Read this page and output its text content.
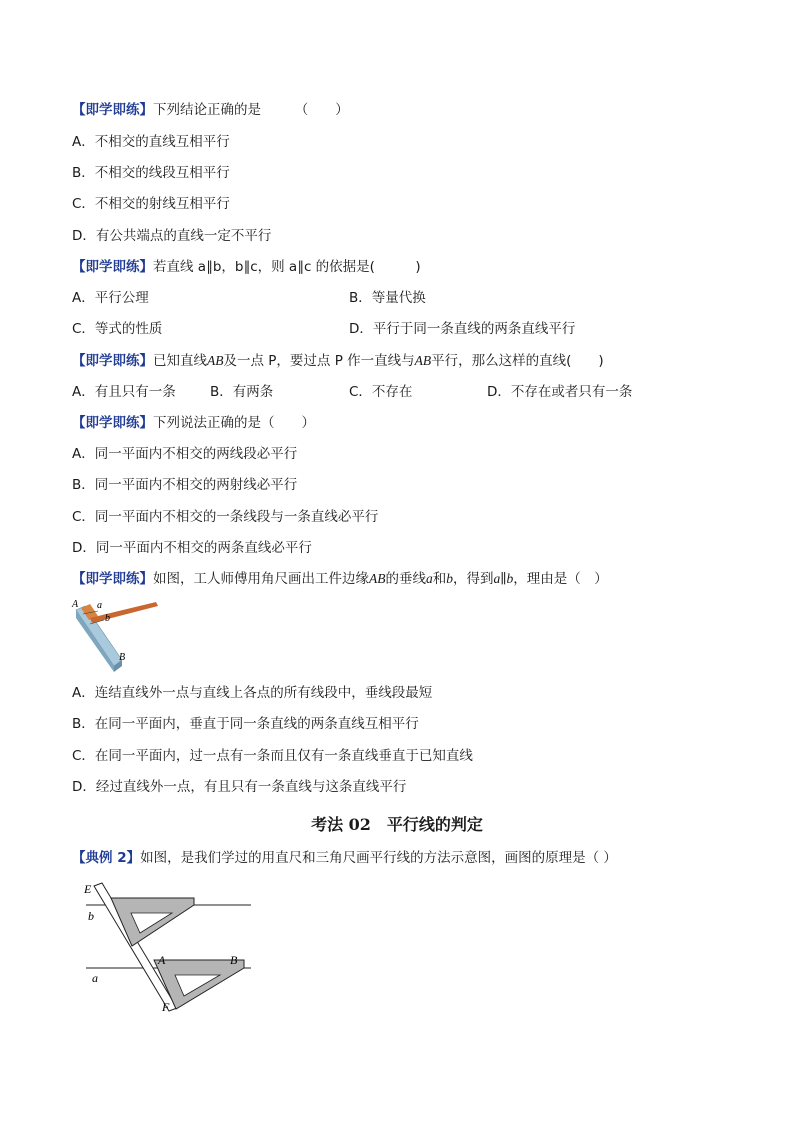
【即学即练】下列结论正确的是　　　（　　）
A．不相交的直线互相平行
B．不相交的线段互相平行
C．不相交的射线互相平行
D．有公共端点的直线一定不平行
【即学即练】若直线 a∥b，b∥c，则 a∥c 的依据是(　　　)
A．平行公理	B．等量代换
C．等式的性质	D．平行于同一条直线的两条直线平行
【即学即练】已知直线AB及一点 P，要过点 P 作一直线与AB平行，那么这样的直线(　　)
A．有且只有一条	B．有两条	C．不存在	D．不存在或者只有一条
【即学即练】下列说法正确的是（　　）
A．同一平面内不相交的两线段必平行
B．同一平面内不相交的两射线必平行
C．同一平面内不相交的一条线段与一条直线必平行
D．同一平面内不相交的两条直线必平行
【即学即练】如图，工人师傅用角尺画出工件边缘AB的垂线a和b，得到a∥b，理由是（　）
A a
b
B
A．连结直线外一点与直线上各点的所有线段中，垂线段最短
B．在同一平面内，垂直于同一条直线的两条直线互相平行
C．在同一平面内，过一点有一条而且仅有一条直线垂直于已知直线
D．经过直线外一点，有且只有一条直线与这条直线平行
考法 02　平行线的判定
【典例 2】如图，是我们学过的用直尺和三角尺画平行线的方法示意图，画图的原理是（ ）
E
b
A	B
a
F
